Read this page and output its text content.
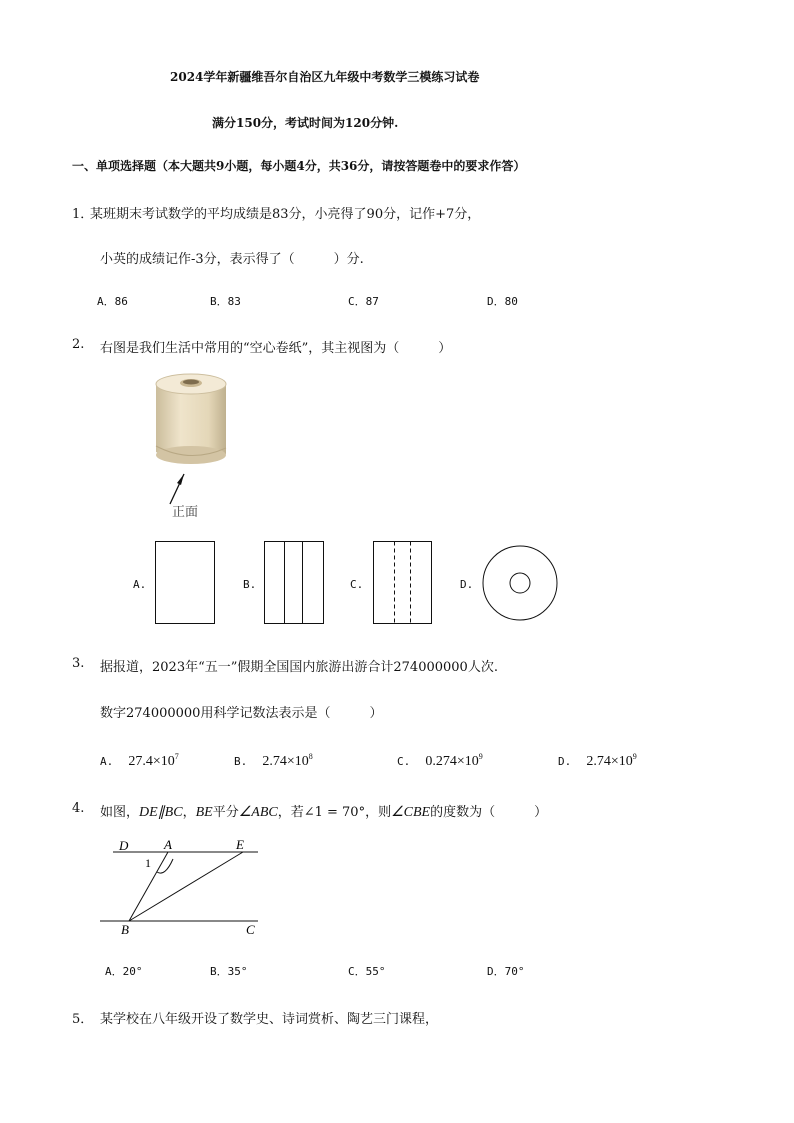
2024学年新疆维吾尔自治区九年级中考数学三模练习试卷
满分150分，考试时间为120分钟.
一、单项选择题（本大题共9小题，每小题4分，共36分，请按答题卷中的要求作答）
1．
某班期末考试数学的平均成绩是83分，小亮得了90分，记作+7分，
小英的成绩记作-3分，表示得了（　　　）分.
A．86	B．83	C．87	D．80
2. 右图是我们生活中常用的“空心卷纸”，其主视图为（　　　）
正面
A.	B.	C.	D.
3. 据报道，2023年“五一”假期全国国内旅游出游合计274000000人次.
数字274000000用科学记数法表示是（　　　）
A. $27.4\times 10^7$	B. $2.74\times 10^8$	C. $0.274\times 10^9$	D. $2.74\times 10^9$
4. 如图，DE∥BC，BE平分∠ABC，若∠1 = 70°，则∠CBE的度数为（　　　）
D	A	E
B	C
1
A．20°	B．35°	C．55°	D．70°
5． 某学校在八年级开设了数学史、诗词赏析、陶艺三门课程，
